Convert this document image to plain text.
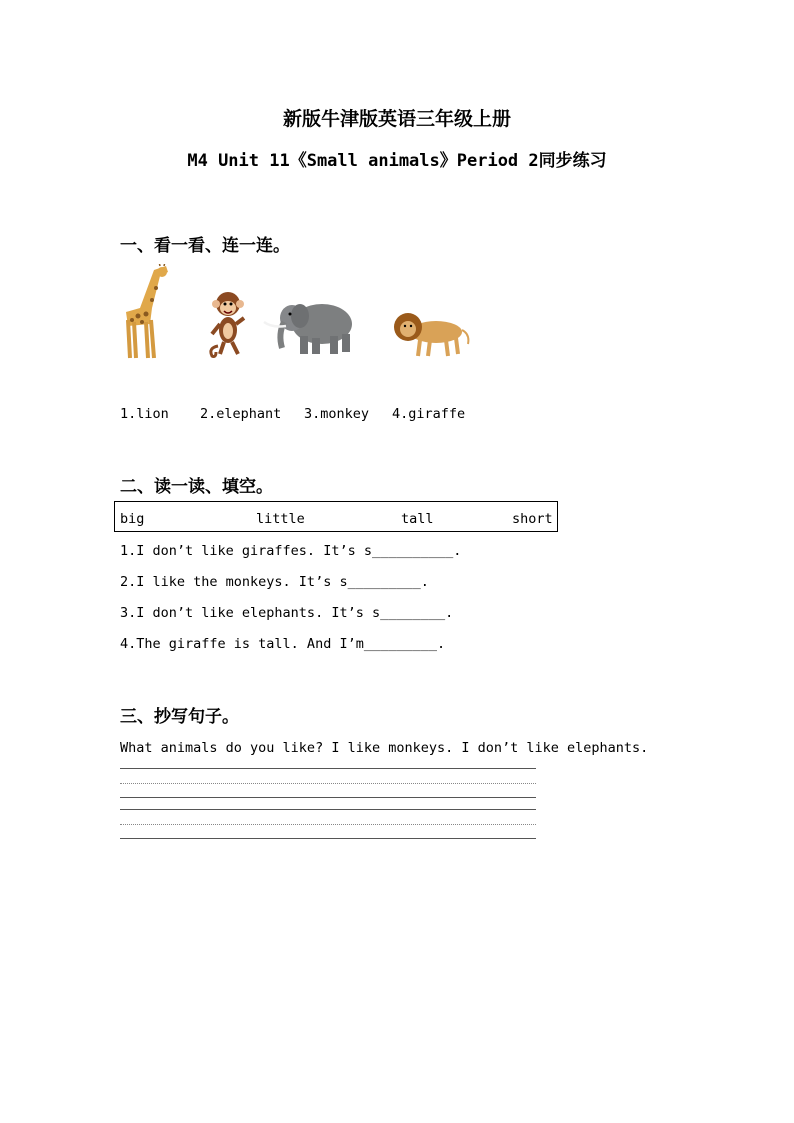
新版牛津版英语三年级上册
M4 Unit 11《Small animals》Period 2同步练习
一、看一看、连一连。
1.lion 2.elephant 3.monkey 4.giraffe
二、读一读、填空。
big	little	tall	short
1.I don’t like giraffes. It’s s__________.
2.I like the monkeys. It’s s_________.
3.I don’t like elephants. It’s s________.
4.The giraffe is tall. And I’m_________.
三、抄写句子。
What animals do you like? I like monkeys. I don’t like elephants.
